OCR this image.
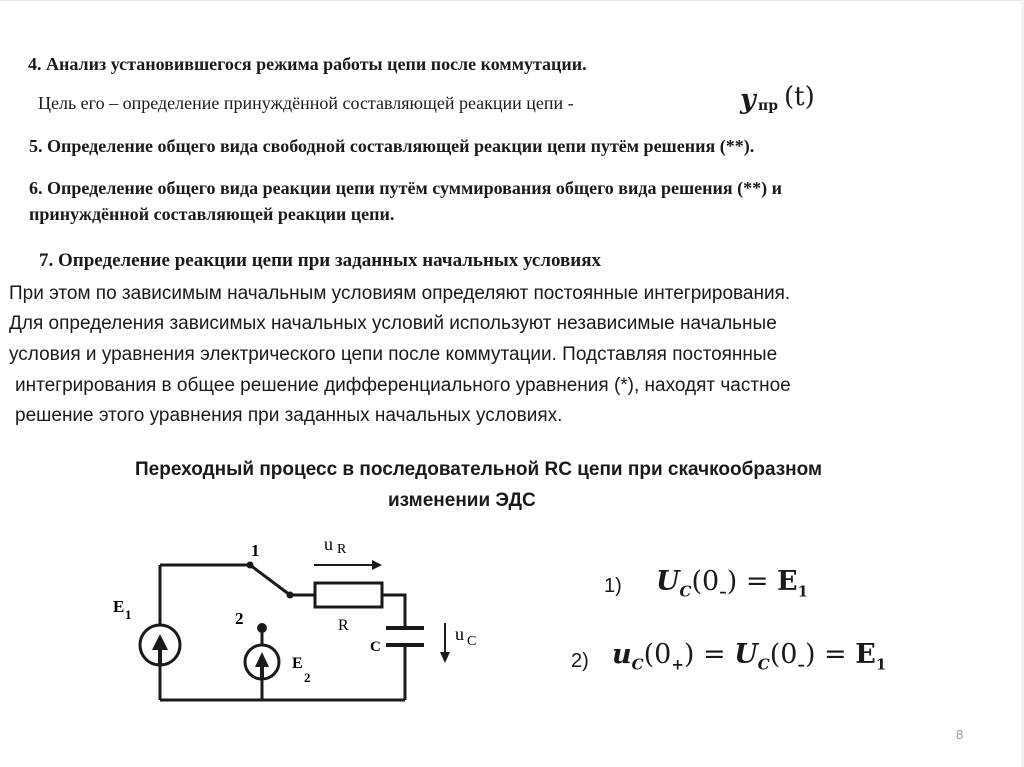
4. Анализ установившегося режима работы цепи после коммутации.
Цель его – определение принуждённой составляющей реакции цепи -	y пр (t)
5. Определение общего вида свободной составляющей реакции цепи путём решения (**).
6. Определение общего вида реакции цепи путём суммирования общего вида решения (**) и
принуждённой составляющей реакции цепи.
7. Определение реакции цепи при заданных начальных условиях
При этом по зависимым начальным условиям определяют постоянные интегрирования.
Для определения зависимых начальных условий используют независимые начальные
условия и уравнения электрического цепи после коммутации. Подставляя постоянные
интегрирования в общее решение дифференциального уравнения (*), находят частное
решение этого уравнения при заданных начальных условиях.
Переходный процесс в последовательной RC цепи при скачкообразном
изменении ЭДС
1
2
E 1
E
2
R
C
u R
u C
1)
2)
$U_C(0_-) = E_1$
$u_C(0_+) = U_C(0_-) = E_1$
8
